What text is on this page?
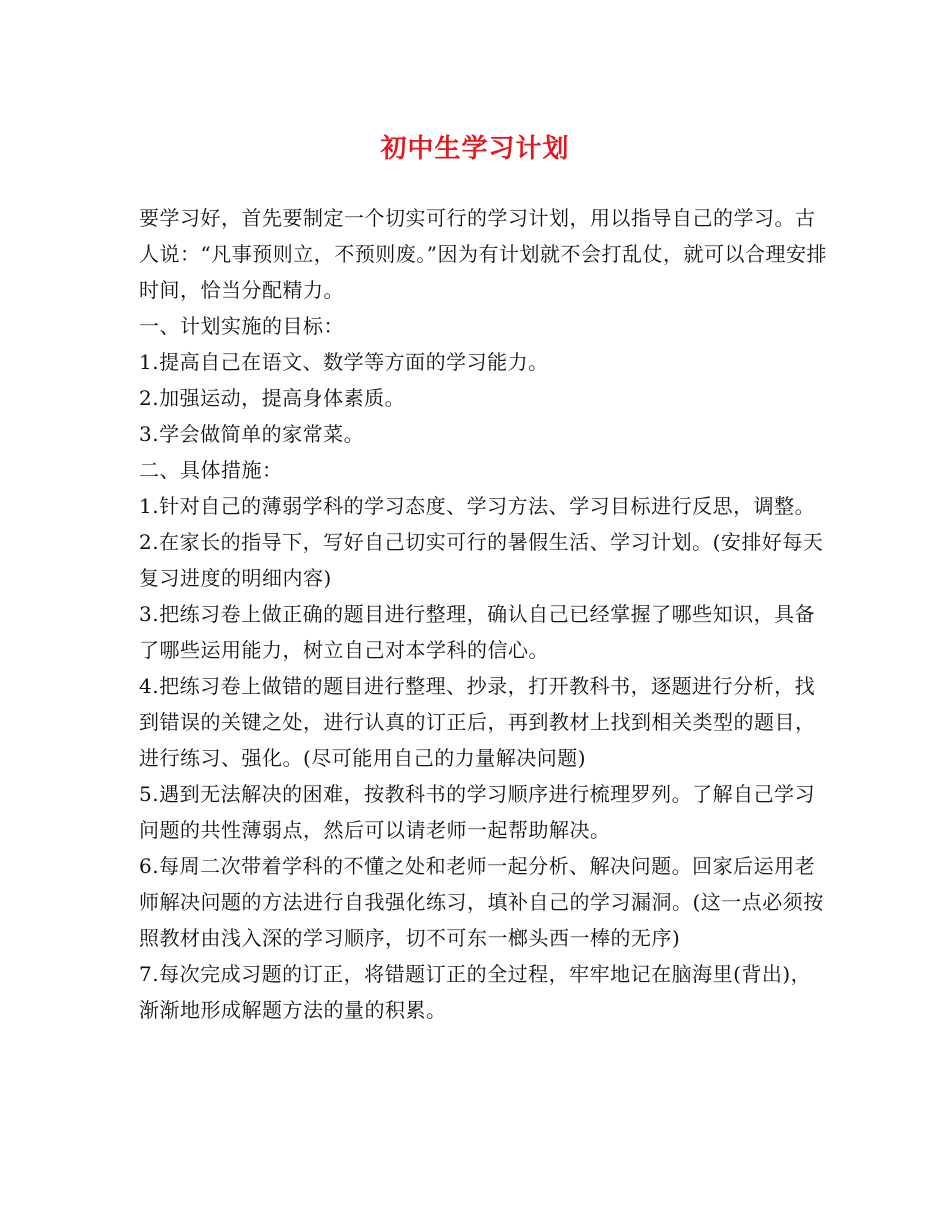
初中生学习计划

要学习好，首先要制定一个切实可行的学习计划，用以指导自己的学习。古人说：“凡事预则立，不预则废。”因为有计划就不会打乱仗，就可以合理安排时间，恰当分配精力。

一、计划实施的目标：

1.提高自己在语文、数学等方面的学习能力。

2.加强运动，提高身体素质。

3.学会做简单的家常菜。

二、具体措施：

1.针对自己的薄弱学科的学习态度、学习方法、学习目标进行反思，调整。

2.在家长的指导下，写好自己切实可行的暑假生活、学习计划。(安排好每天复习进度的明细内容)

3.把练习卷上做正确的题目进行整理，确认自己已经掌握了哪些知识，具备了哪些运用能力，树立自己对本学科的信心。

4.把练习卷上做错的题目进行整理、抄录，打开教科书，逐题进行分析，找到错误的关键之处，进行认真的订正后，再到教材上找到相关类型的题目，进行练习、强化。(尽可能用自己的力量解决问题)

5.遇到无法解决的困难，按教科书的学习顺序进行梳理罗列。了解自己学习问题的共性薄弱点，然后可以请老师一起帮助解决。

6.每周二次带着学科的不懂之处和老师一起分析、解决问题。回家后运用老师解决问题的方法进行自我强化练习，填补自己的学习漏洞。(这一点必须按照教材由浅入深的学习顺序，切不可东一榔头西一棒的无序)

7.每次完成习题的订正，将错题订正的全过程，牢牢地记在脑海里(背出)，渐渐地形成解题方法的量的积累。
